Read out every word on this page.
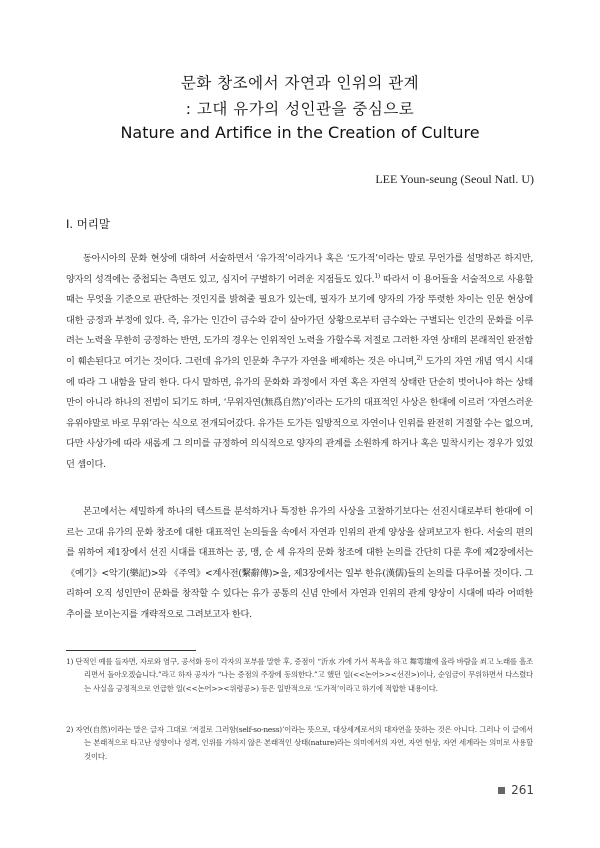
문화 창조에서 자연과 인위의 관계
: 고대 유가의 성인관을 중심으로
Nature and Artifice in the Creation of Culture
LEE Youn-seung (Seoul Natl. U)
Ⅰ. 머리말

동아시아의 문화 현상에 대하여 서술하면서 ‘유가적’이라거나 혹은 ‘도가적’이라는 말로 무언가를 설명하곤 하지만, 양자의 성격에는 중첩되는 측면도 있고, 심지어 구별하기 어려운 지점들도 있다.$^{1)}$ 따라서 이 용어들을 서술적으로 사용할 때는 무엇을 기준으로 판단하는 것인지를 밝혀줄 필요가 있는데, 필자가 보기에 양자의 가장 뚜렷한 차이는 인문 현상에 대한 긍정과 부정에 있다. 즉, 유가는 인간이 금수와 같이 살아가던 상황으로부터 금수와는 구별되는 인간의 문화를 이루려는 노력을 무한히 긍정하는 반면, 도가의 경우는 인위적인 노력을 가할수록 저절로 그러한 자연 상태의 본래적인 완전함이 훼손된다고 여기는 것이다. 그런데 유가의 인문화 추구가 자연을 배제하는 것은 아니며,$^{2)}$ 도가의 자연 개념 역시 시대에 따라 그 내함을 달리 한다. 다시 말하면, 유가의 문화화 과정에서 자연 혹은 자연적 상태란 단순히 벗어나야 하는 상태만이 아니라 하나의 전범이 되기도 하며, ‘무위자연(無爲自然)’이라는 도가의 대표적인 사상은 한대에 이르러 ‘자연스러운 유위야말로 바로 무위’라는 식으로 전개되어갔다. 유가든 도가든 일방적으로 자연이나 인위를 완전히 거절할 수는 없으며, 다만 사상가에 따라 새롭게 그 의미를 규정하여 의식적으로 양자의 관계를 소원하게 하거나 혹은 밀착시키는 경우가 있었던 셈이다.

본고에서는 세밀하게 하나의 텍스트를 분석하거나 특정한 유가의 사상을 고찰하기보다는 선진시대로부터 한대에 이르는 고대 유가의 문화 창조에 대한 대표적인 논의들을 속에서 자연과 인위의 관계 양상을 살펴보고자 한다. 서술의 편의를 위하여 제1장에서 선진 시대를 대표하는 공, 맹, 순 세 유자의 문화 창조에 대한 논의를 간단히 다룬 후에 제2장에서는 《예기》<악기(樂記)>와 《주역》<계사전(繫辭傳)>을, 제3장에서는 일부 한유(漢儒)들의 논의를 다루어볼 것이다. 그리하여 오직 성인만이 문화를 창작할 수 있다는 유가 공통의 신념 안에서 자연과 인위의 관계 양상이 시대에 따라 어떠한 추이를 보이는지를 개략적으로 그려보고자 한다.

1) 단적인 예를 들자면, 자로와 염구, 공서화 등이 각자의 포부를 말한 후, 증점이 “沂水 가에 가서 목욕을 하고 舞雩壇에 올라 바람을 쐬고 노래를 흘조리면서 돌아오겠습니다.”라고 하자 공자가 “나는 증점의 주장에 동의한다.”고 했던 일(<<논어>><선진>)이나, 순임금이 무위하면서 다스렸다는 사실을 긍정적으로 언급한 일(<<논어>><위령공>) 등은 일반적으로 ‘도가적’이라고 하기에 적합한 내용이다.

2) 자연(自然)이라는 말은 글자 그대로 ‘저절로 그러함(self-so-ness)’이라는 뜻으로, 대상세계로서의 대자연을 뜻하는 것은 아니다. 그러나 이 글에서는 본래적으로 타고난 성향이나 성격, 인위를 가하지 않은 본래적인 상태(nature)라는 의미에서의 자연, 자연 현상, 자연 세계라는 의미로 사용할 것이다.

261
